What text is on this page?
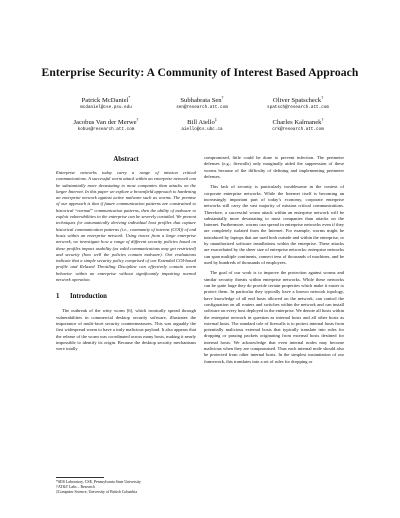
Enterprise Security: A Community of Interest Based Approach
Patrick McDaniel*
mcdaniel@cse.psu.edu
Subhabrata Sen†
sen@research.att.com
Oliver Spatscheck†
spatsch@research.att.com
Jacobus Van der Merwe†
kobus@research.att.com
Bill Aiello‡
aiello@cs.ubc.ca
Charles Kalmanek†
crk@research.att.com
Abstract

Enterprise networks today carry a range of mission critical communications. A successful worm attack within an enterprise network can be substantially more devastating to most companies than attacks on the larger Internet. In this paper we explore a brownfield approach to hardening an enterprise network against active malware such as worms. The premise of our approach is that if future communication patterns are constrained to historical “normal” communication patterns, then the ability of malware to exploit vulnerabilities in the enterprise can be severely curtailed. We present techniques for automatically deriving individual host profiles that capture historical communication patterns (i.e., community of interest (COI)) of end hosts within an enterprise network. Using traces from a large enterprise network, we investigate how a range of different security policies based on these profiles impact usability (as valid communications may get restricted) and security (how well the policies contain malware). Our evaluations indicate that a simple security policy comprised of our Extended COI-based profile and Relaxed Throttling Discipline can effectively contain worm behavior within an enterprise without significantly impairing normal network operation.

1 Introduction

The outbreak of the witty worm [6], which ironically spread through vulnerabilities in commercial desktop security software, illustrates the importance of multi-facet security countermeasures. This was arguably the first widespread worm to have a truly malicious payload. It also appears that the release of the worm was coordinated across many hosts, making it nearly impossible to identify its origin. Because the desktop security mechanisms were totally

compromised, little could be done to prevent infection. The perimeter defenses (e.g., firewalls) only marginally aided the suppression of these worms because of the difficulty of defining and implementing perimeter defenses.

This lack of security is particularly troublesome in the context of corporate enterprise networks. While the Internet itself is becoming an increasingly important part of today’s economy, corporate enterprise networks still carry the vast majority of mission critical communications. Therefore, a successful worm attack within an enterprise network will be substantially more devastating to most companies than attacks on the Internet. Furthermore, worms can spread in enterprise networks even if they are completely isolated from the Internet. For example, worms might be introduced by laptops that are used both outside and within the enterprise, or by unauthorized software installations within the enterprise. These attacks are exacerbated by the sheer size of enterprise networks: enterprise networks can span multiple continents, connect tens of thousands of machines, and be used by hundreds of thousands of employees.

The goal of our work is to improve the protection against worms and similar security threats within enterprise networks. While these networks can be quite large they do provide certain properties which make it easier to protect them. In particular they typically have a known network topology, have knowledge of all end hosts allowed on the network, can control the configuration on all routers and switches within the network and can install software on every host deployed in the enterprise. We denote all hosts within the enterprise network in question as internal hosts and all other hosts as external hosts. The standard role of firewalls is to protect internal hosts from potentially malicious external hosts that typically translate into rules for dropping or passing packets originating from external hosts destined for internal hosts. We acknowledge that even internal nodes may become malicious when they are compromised. Thus each internal node should also be protected from other internal hosts. In the simplest instantiation of our framework, this translates into a set of rules for dropping or

*SIIS Laboratory, CSE, Pennsylvania State University
†AT&T Labs – Research
‡Computer Science, University of British Columbia
